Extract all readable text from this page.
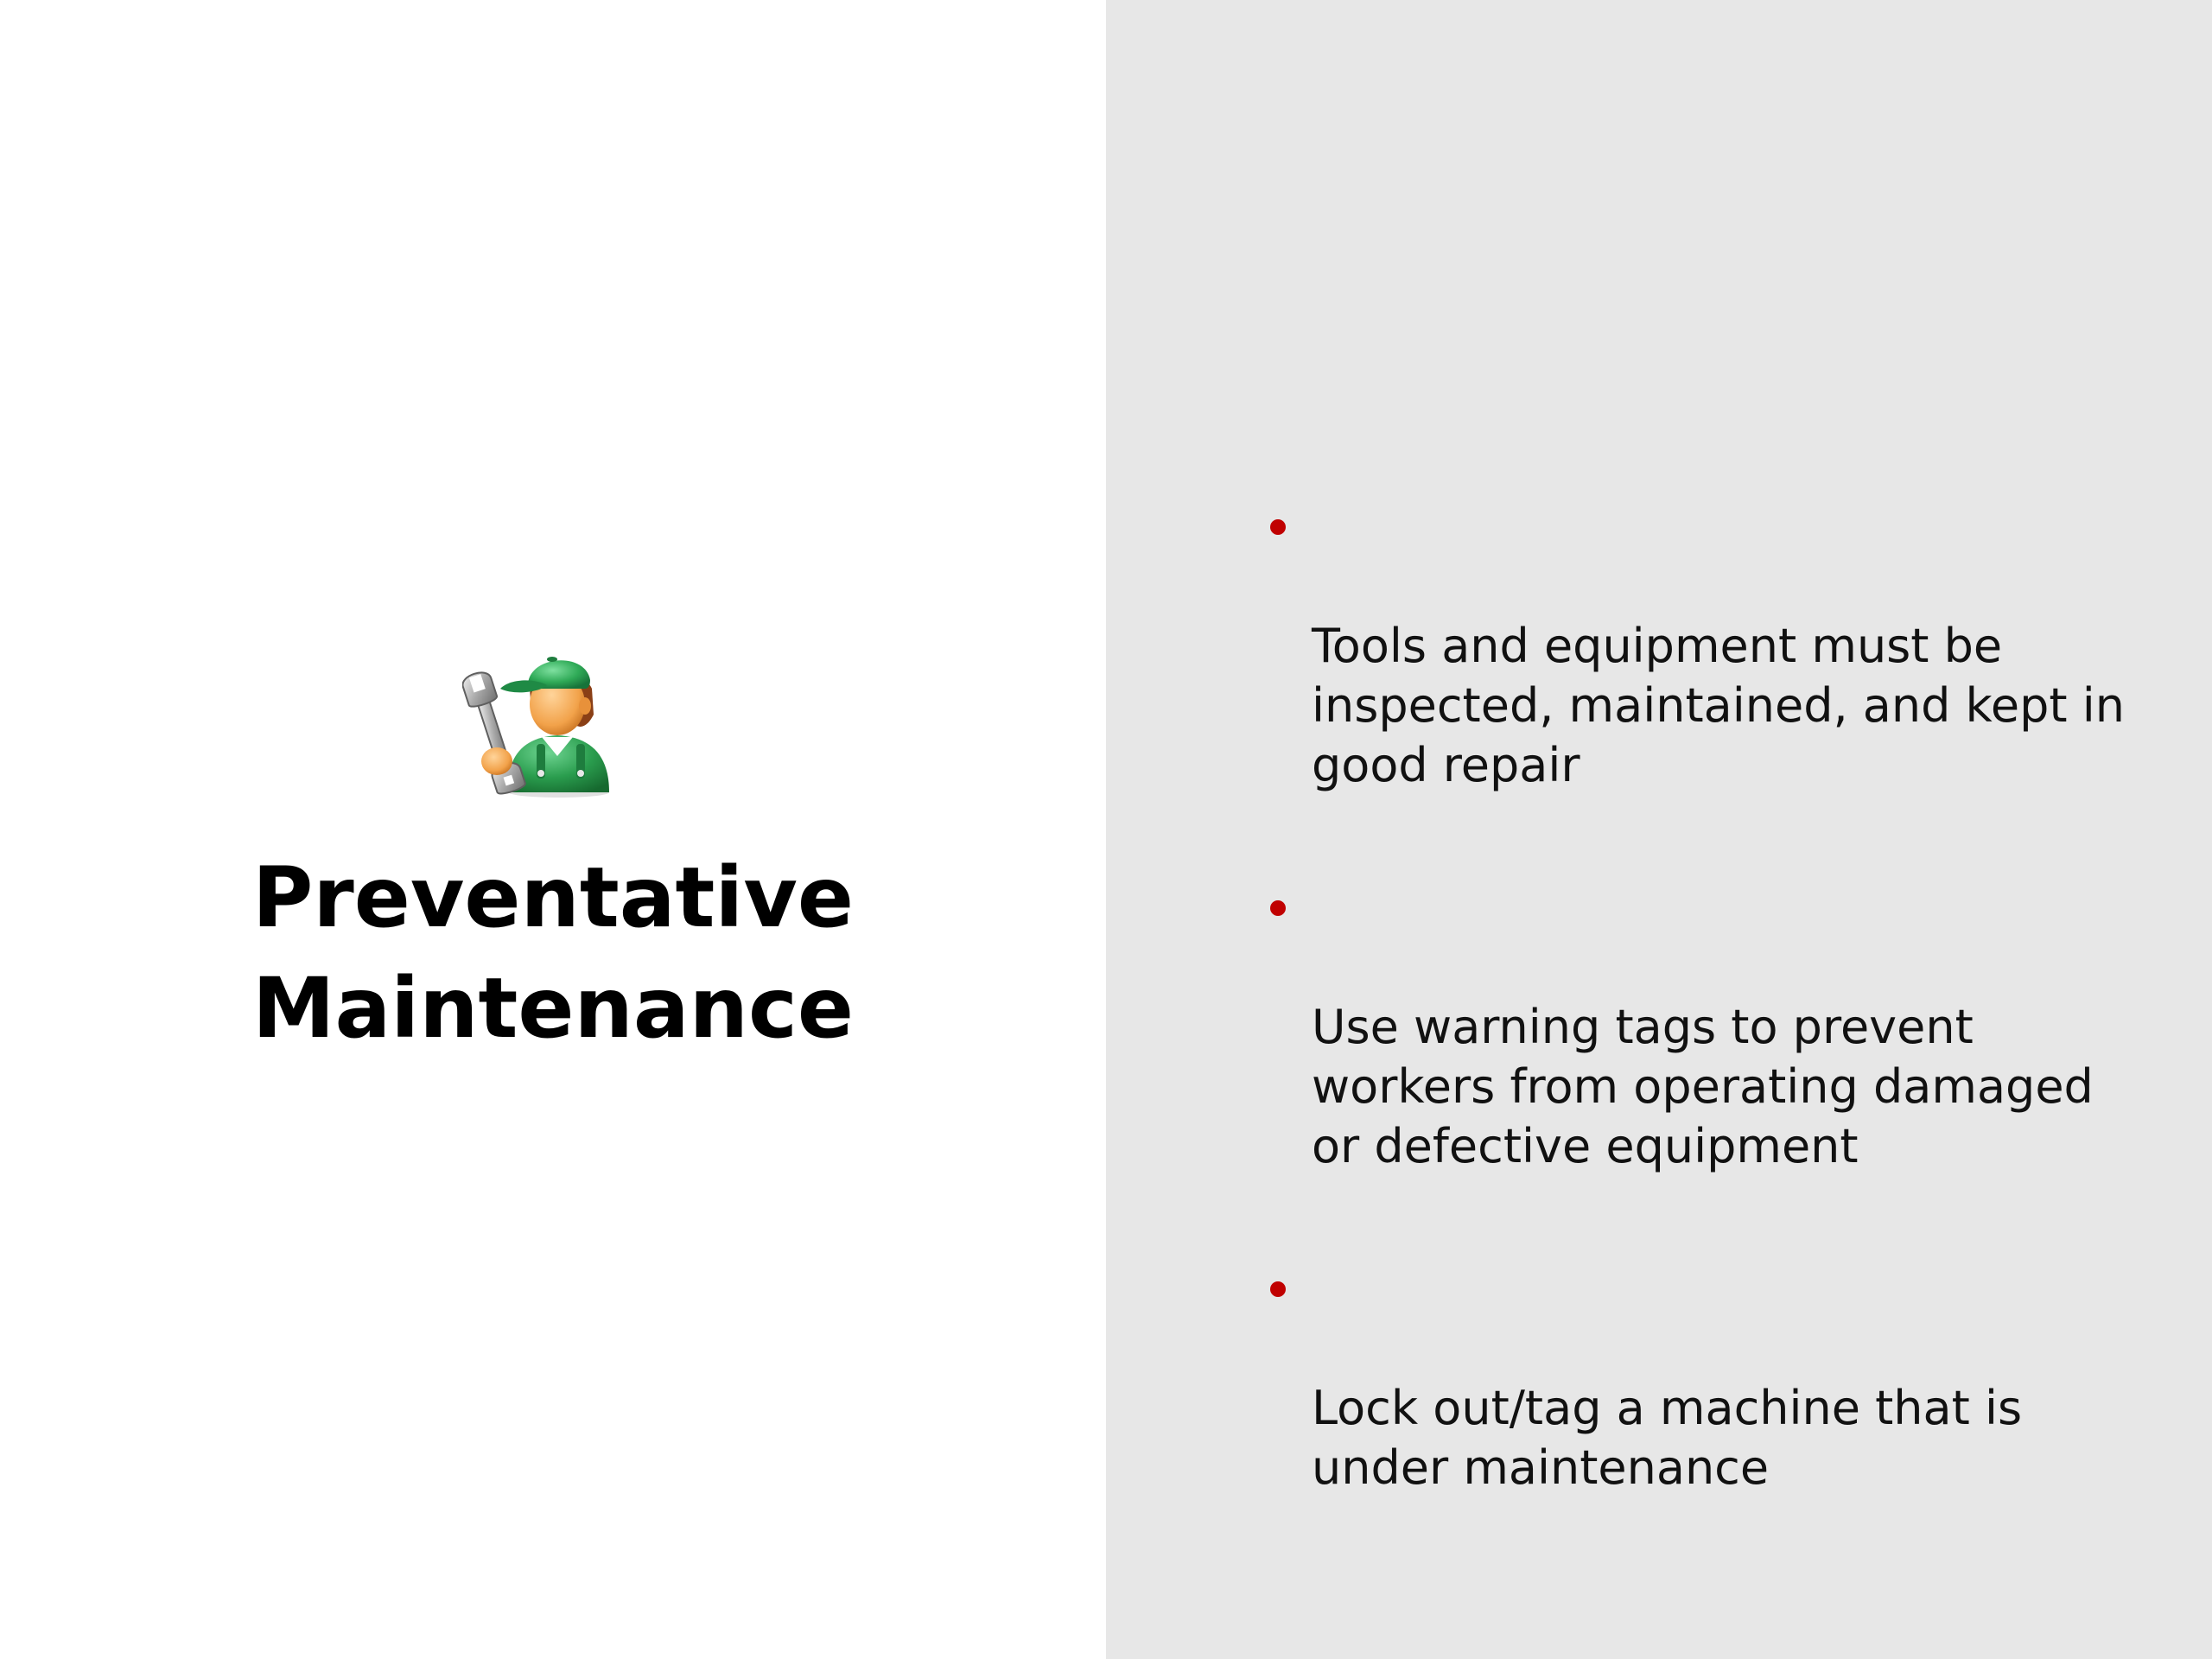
Preventative
Maintenance

Tools and equipment must be
inspected, maintained, and kept in
good repair

Use warning tags to prevent
workers from operating damaged
or defective equipment

Lock out/tag a machine that is
under maintenance
